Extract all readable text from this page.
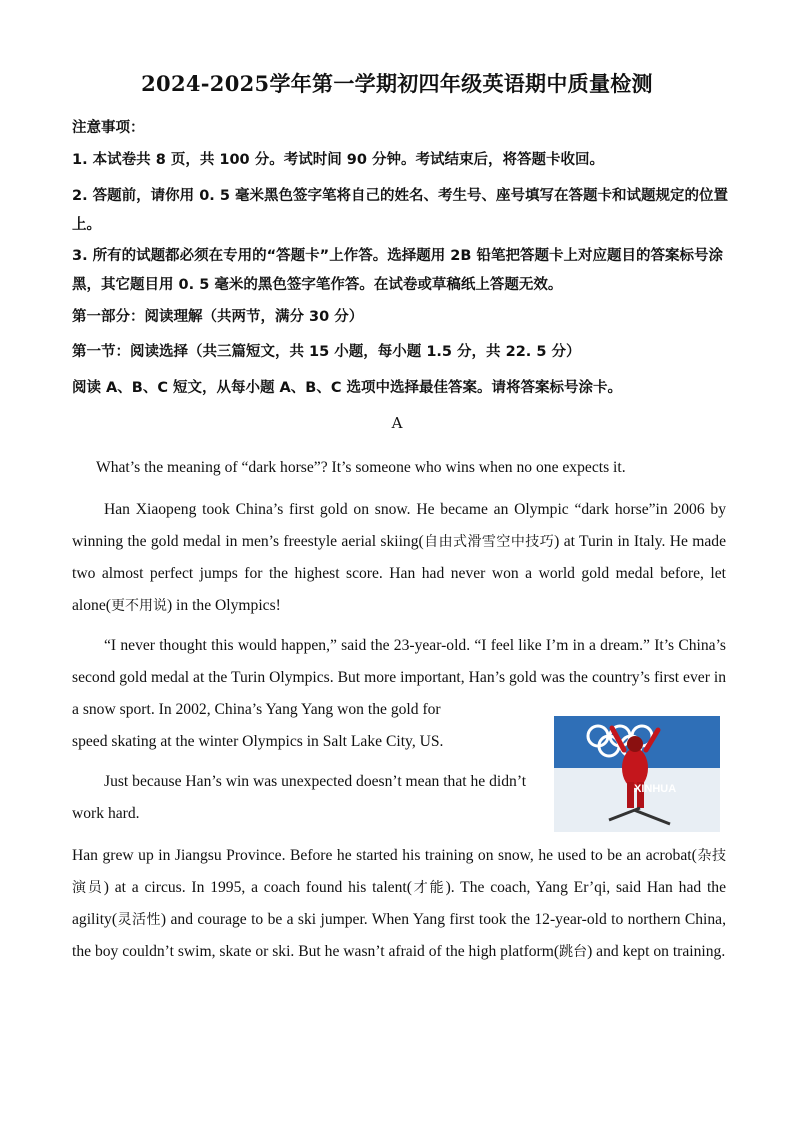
2024-2025学年第一学期初四年级英语期中质量检测
注意事项：
1. 本试卷共 8 页，共 100 分。考试时间 90 分钟。考试结束后，将答题卡收回。
2. 答题前，请你用 0. 5 毫米黑色签字笔将自己的姓名、考生号、座号填写在答题卡和试题规定的位置上。
3. 所有的试题都必须在专用的“答题卡”上作答。选择题用 2B 铅笔把答题卡上对应题目的答案标号涂黑，其它题目用 0. 5 毫米的黑色签字笔作答。在试卷或草稿纸上答题无效。
第一部分：阅读理解（共两节，满分 30 分）
第一节：阅读选择（共三篇短文，共 15 小题，每小题 1.5 分，共 22. 5 分）
阅读 A、B、C 短文，从每小题 A、B、C 选项中选择最佳答案。请将答案标号涂卡。
A
What’s the meaning of “dark horse”? It’s someone who wins when no one expects it.
Han Xiaopeng took China’s first gold on snow. He became an Olympic “dark horse”in 2006 by winning the gold medal in men’s freestyle aerial skiing(自由式滑雪空中技巧) at Turin in Italy. He made two almost perfect jumps for the highest score. Han had never won a world gold medal before, let alone(更不用说) in the Olympics!
“I never thought this would happen,” said the 23-year-old. “I feel like I’m in a dream.” It’s China’s second gold medal at the Turin Olympics. But more important, Han’s gold was the country’s first ever in a snow sport. In 2002, China’s Yang Yang won the gold for
XINHUA
speed skating at the winter Olympics in Salt Lake City, US.
Just because Han’s win was unexpected doesn’t mean that he didn’t
work hard.
Han grew up in Jiangsu Province. Before he started his training on snow, he used to be an acrobat(杂技演员) at a circus. In 1995, a coach found his talent(才能). The coach, Yang Er’qi, said Han had the agility(灵活性) and courage to be a ski jumper. When Yang first took the 12-year-old to northern China, the boy couldn’t swim, skate or ski. But he wasn’t afraid of the high platform(跳台) and kept on training.
